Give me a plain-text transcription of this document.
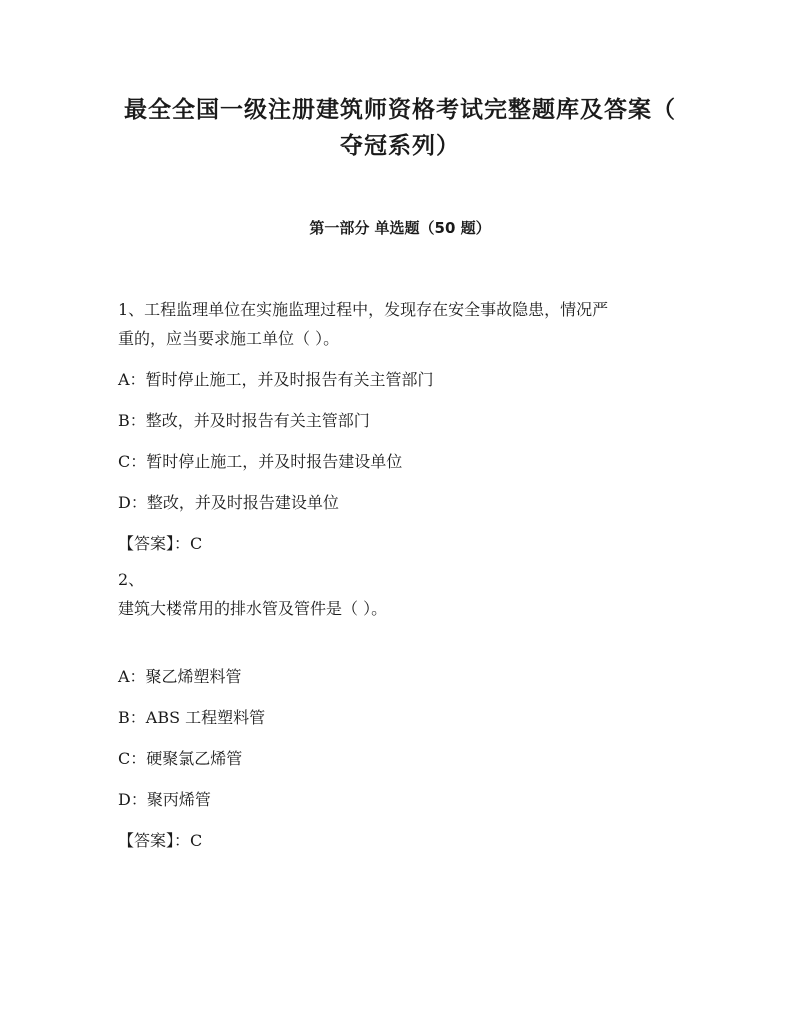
最全全国一级注册建筑师资格考试完整题库及答案（
夺冠系列）
第一部分 单选题（50 题）
1、工程监理单位在实施监理过程中，发现存在安全事故隐患，情况严
重的，应当要求施工单位（ ）。
A：暂时停止施工，并及时报告有关主管部门
B：整改，并及时报告有关主管部门
C：暂时停止施工，并及时报告建设单位
D：整改，并及时报告建设单位
【答案】：C
2、
建筑大楼常用的排水管及管件是（ ）。
A：聚乙烯塑料管
B：ABS 工程塑料管
C：硬聚氯乙烯管
D：聚丙烯管
【答案】：C
